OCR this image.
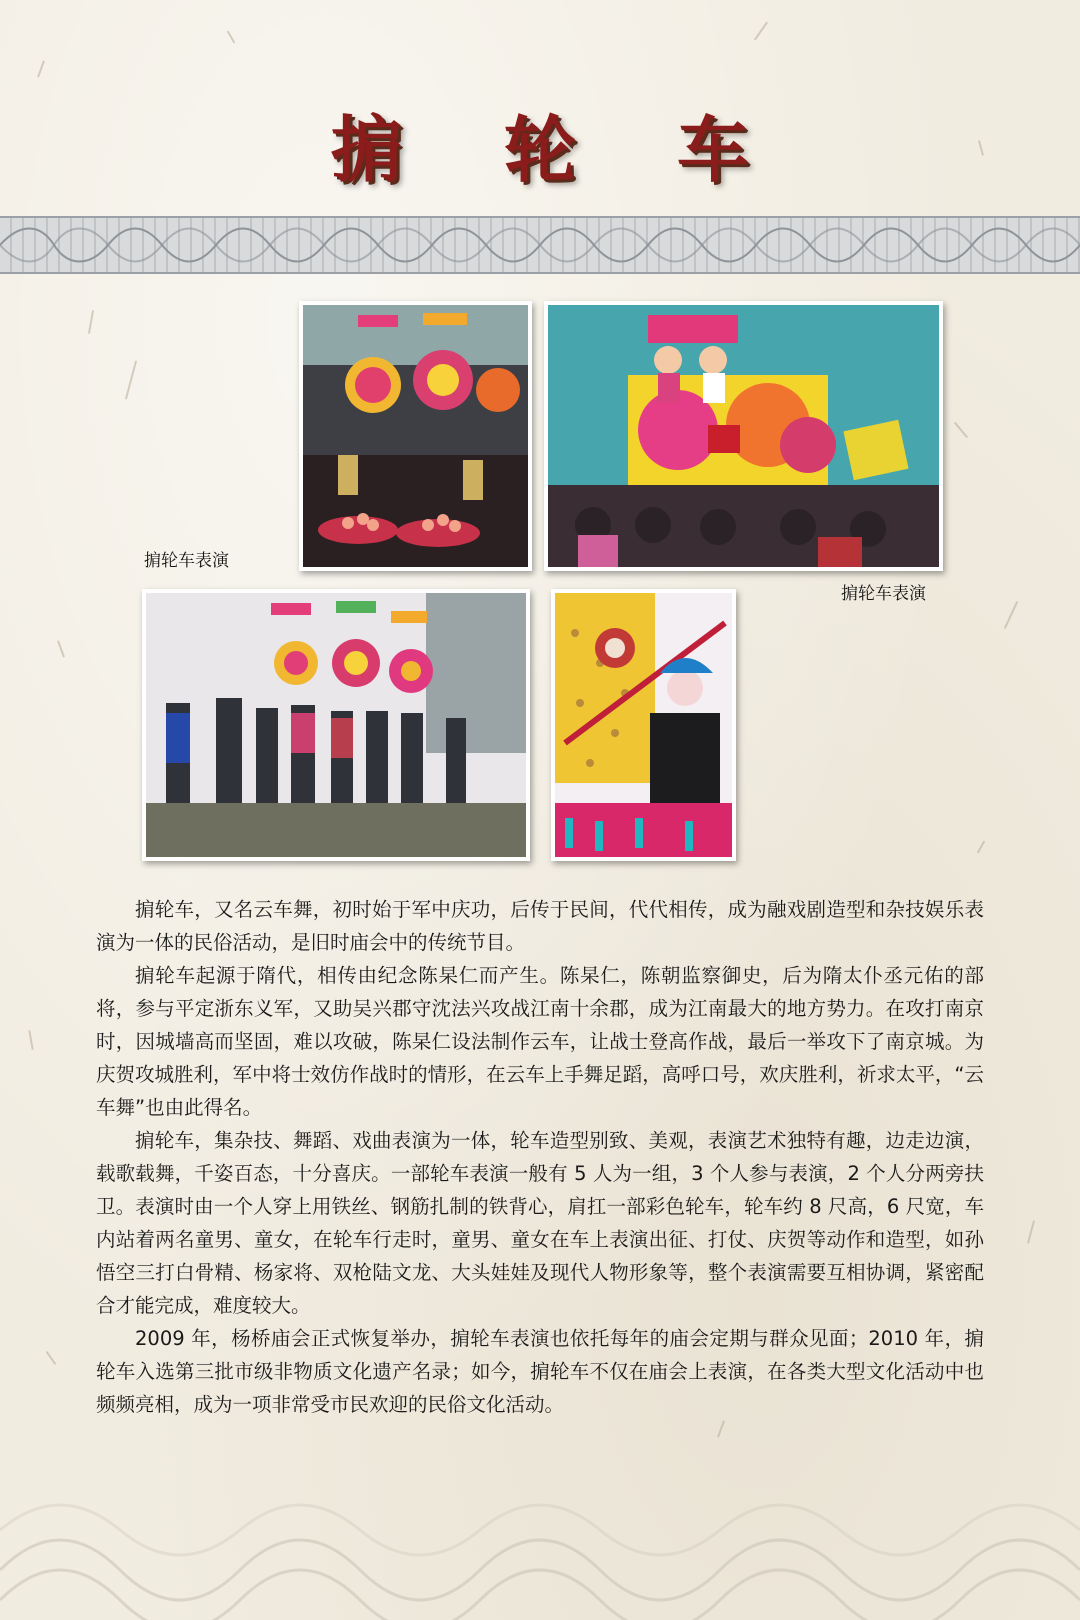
掮 轮 车
掮轮车表演
掮轮车表演

掮轮车，又名云车舞，初时始于军中庆功，后传于民间，代代相传，成为融戏剧造型和杂技娱乐表演为一体的民俗活动，是旧时庙会中的传统节目。

掮轮车起源于隋代，相传由纪念陈杲仁而产生。陈杲仁，陈朝监察御史，后为隋太仆丞元佑的部将，参与平定浙东义军，又助吴兴郡守沈法兴攻战江南十余郡，成为江南最大的地方势力。在攻打南京时，因城墙高而坚固，难以攻破，陈杲仁设法制作云车，让战士登高作战，最后一举攻下了南京城。为庆贺攻城胜利，军中将士效仿作战时的情形，在云车上手舞足蹈，高呼口号，欢庆胜利，祈求太平，“云车舞”也由此得名。

掮轮车，集杂技、舞蹈、戏曲表演为一体，轮车造型别致、美观，表演艺术独特有趣，边走边演，载歌载舞，千姿百态，十分喜庆。一部轮车表演一般有 5 人为一组，3 个人参与表演，2 个人分两旁扶卫。表演时由一个人穿上用铁丝、钢筋扎制的铁背心，肩扛一部彩色轮车，轮车约 8 尺高，6 尺宽，车内站着两名童男、童女，在轮车行走时，童男、童女在车上表演出征、打仗、庆贺等动作和造型，如孙悟空三打白骨精、杨家将、双枪陆文龙、大头娃娃及现代人物形象等，整个表演需要互相协调，紧密配合才能完成，难度较大。

2009 年，杨桥庙会正式恢复举办，掮轮车表演也依托每年的庙会定期与群众见面；2010 年，掮轮车入选第三批市级非物质文化遗产名录；如今，掮轮车不仅在庙会上表演，在各类大型文化活动中也频频亮相，成为一项非常受市民欢迎的民俗文化活动。
